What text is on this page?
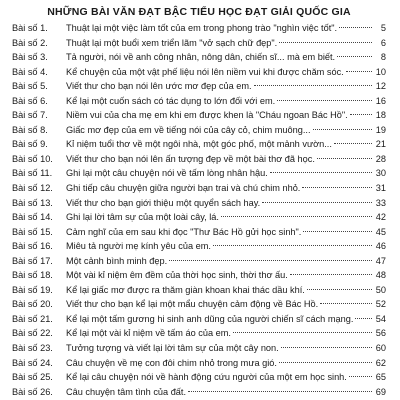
NHỮNG BÀI VĂN ĐẠT BẬC TIỂU HỌC ĐẠT GIẢI QUỐC GIA
Bài số 1.	Thuật lại một việc làm tốt của em trong phong trào "nghìn việc tốt".	5
Bài số 2.	Thuật lại một buổi xem triển lãm "vở sạch chữ đẹp".	6
Bài số 3.	Tả người, nói về anh công nhân, nông dân, chiến sĩ... mà em biết.	8
Bài số 4.	Kể chuyện của một vật phế liệu nói lên niềm vui khi được chăm sóc.	10
Bài số 5.	Viết thư cho bạn nói lên ước mơ đẹp của em.	12
Bài số 6.	Kể lại một cuốn sách có tác dụng to lớn đối với em.	16
Bài số 7.	Niềm vui của cha mẹ em khi em được khen là "Cháu ngoan Bác Hồ".	18
Bài số 8.	Giấc mơ đẹp của em về tiếng nói của cây cỏ, chim muông...	19
Bài số 9.	Kỉ niệm tuổi thơ về một ngôi nhà, một góc phố, một mảnh vườn...	21
Bài số 10.	Viết thư cho bạn nói lên ấn tượng đẹp về một bài thơ đã học.	28
Bài số 11.	Ghi lại một câu chuyện nói về tấm lòng nhân hậu.	30
Bài số 12.	Ghi tiếp câu chuyện giữa người bạn trai và chú chim nhỏ.	31
Bài số 13.	Viết thư cho bạn giới thiệu một quyển sách hay.	33
Bài số 14.	Ghi lại lời tâm sự của một loài cây, lá.	42
Bài số 15.	Cảm nghĩ của em sau khi đọc "Thư Bác Hồ gửi học sinh".	45
Bài số 16.	Miêu tả người mẹ kính yêu của em.	46
Bài số 17.	Một cảnh bình minh đẹp.	47
Bài số 18.	Một vài kỉ niệm êm đềm của thời học sinh, thời thơ ấu.	48
Bài số 19.	Kể lại giấc mơ được ra thăm giàn khoan khai thác dầu khí.	50
Bài số 20.	Viết thư cho bạn kể lại một mẩu chuyện cảm động về Bác Hồ.	52
Bài số 21.	Kể lại một tấm gương hi sinh anh dũng của người chiến sĩ cách mạng. 54
Bài số 22.	Kể lại một vài kỉ niệm về tấm áo của em.	56
Bài số 23.	Tưởng tượng và viết lại lời tâm sự của một cây non.	60
Bài số 24.	Câu chuyện về mẹ con đôi chim nhỏ trong mưa gió.	62
Bài số 25.	Kể lại câu chuyện nói về hành động cứu người của một em học sinh.	65
Bài số 26.	Câu chuyện tâm tình của đất.	69
